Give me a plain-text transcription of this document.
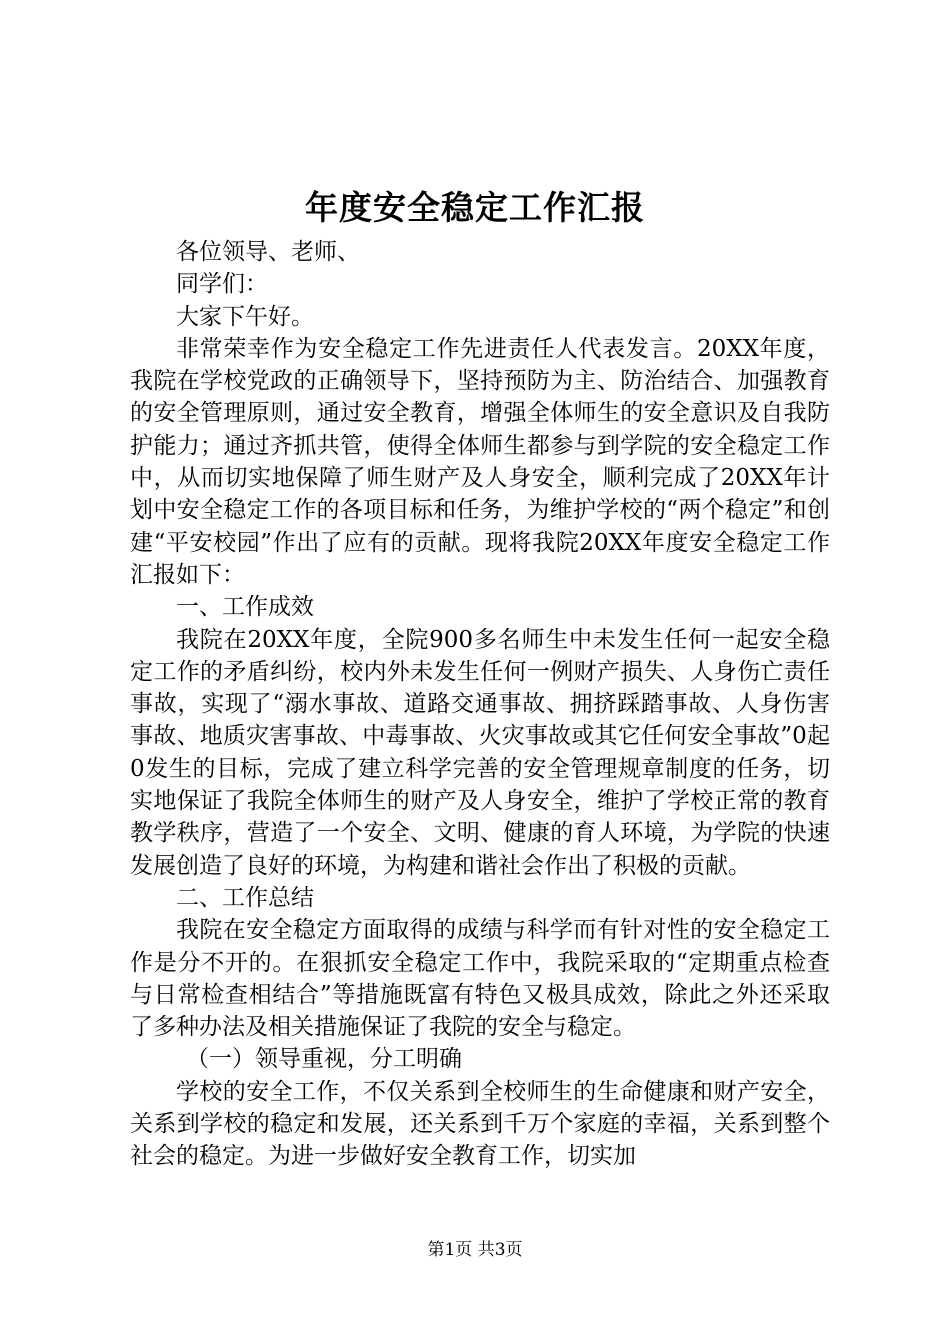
年度安全稳定工作汇报

各位领导、老师、

同学们：

大家下午好。

非常荣幸作为安全稳定工作先进责任人代表发言。20XX年度，我院在学校党政的正确领导下，坚持预防为主、防治结合、加强教育的安全管理原则，通过安全教育，增强全体师生的安全意识及自我防护能力；通过齐抓共管，使得全体师生都参与到学院的安全稳定工作中，从而切实地保障了师生财产及人身安全，顺利完成了20XX年计划中安全稳定工作的各项目标和任务，为维护学校的“两个稳定”和创建“平安校园”作出了应有的贡献。现将我院20XX年度安全稳定工作汇报如下：

一、工作成效

我院在20XX年度，全院900多名师生中未发生任何一起安全稳定工作的矛盾纠纷，校内外未发生任何一例财产损失、人身伤亡责任事故，实现了“溺水事故、道路交通事故、拥挤踩踏事故、人身伤害事故、地质灾害事故、中毒事故、火灾事故或其它任何安全事故”0起0发生的目标，完成了建立科学完善的安全管理规章制度的任务，切实地保证了我院全体师生的财产及人身安全，维护了学校正常的教育教学秩序，营造了一个安全、文明、健康的育人环境，为学院的快速发展创造了良好的环境，为构建和谐社会作出了积极的贡献。

二、工作总结

我院在安全稳定方面取得的成绩与科学而有针对性的安全稳定工作是分不开的。在狠抓安全稳定工作中，我院采取的“定期重点检查与日常检查相结合”等措施既富有特色又极具成效，除此之外还采取了多种办法及相关措施保证了我院的安全与稳定。

（一）领导重视，分工明确

学校的安全工作，不仅关系到全校师生的生命健康和财产安全，关系到学校的稳定和发展，还关系到千万个家庭的幸福，关系到整个社会的稳定。为进一步做好安全教育工作，切实加

第1页 共3页
